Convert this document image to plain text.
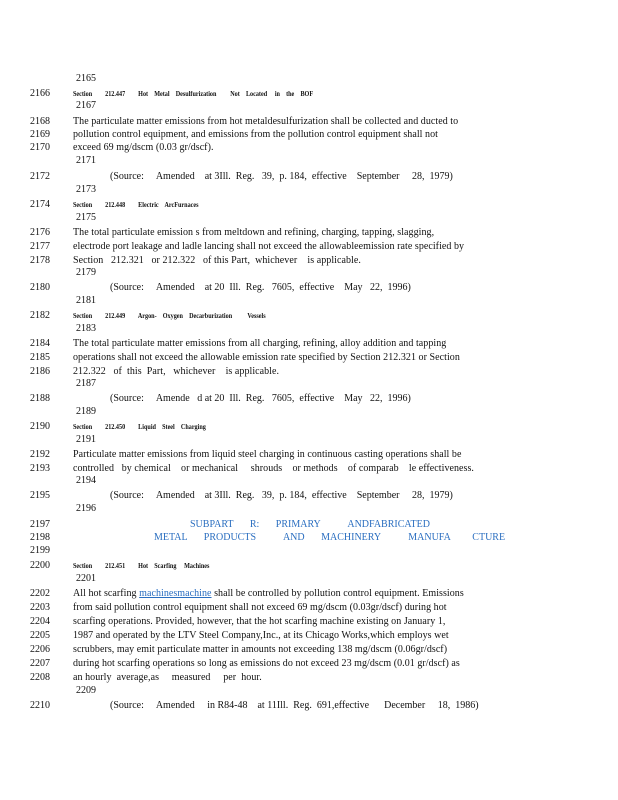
2165
2166
2167
2168
2169
2170
2171
2172
2173
2174
2175
2176
2177
2178
2179
2180
2181
2182
2183
2184
2185
2186
2187
2188
2189
2190
2191
2192
2193
2194
2195
2196
2197
2198
2199
2200
2201
2202
2203
2204
2205
2206
2207
2208
2209
2210
Section 212.447 Hot    Metal    Desulfurization         Not    Located     in    the    BOF
The particulate matter emissions from hot metaldesulfurization shall be collected and ducted to
pollution control equipment, and emissions from the pollution control equipment shall not
exceed 69 mg/dscm (0.03 gr/dscf).
(Source:     Amended    at 3Ill.  Reg.   39,  p. 184,  effective    September     28,  1979)
Section 212.448 Electric    ArcFurnaces
The total particulate emission s from meltdown and refining, charging, tapping, slagging,
electrode port leakage and ladle lancing shall not exceed the allowableemission rate specified by
Section   212.321   or 212.322   of this Part,  whichever    is applicable.
(Source:     Amended    at 20  Ill.  Reg.   7605,  effective    May   22,  1996)
Section 212.449 Argon-    Oxygen    Decarburization          Vessels
The total particulate matter emissions from all charging, refining, alloy addition and tapping
operations shall not exceed the allowable emission rate specified by Section 212.321 or Section
212.322   of  this  Part,   whichever    is applicable.
(Source:     Amende   d at 20  Ill.  Reg.   7605,  effective    May   22,  1996)
Section 212.450 Liquid    Steel    Charging
Particulate matter emissions from liquid steel charging in continuous casting operations shall be
controlled   by chemical    or mechanical     shrouds    or methods    of comparab    le effectiveness.
(Source:     Amended    at 3Ill.  Reg.   39,  p. 184,  effective    September     28,  1979)
SUBPART   R:   PRIMARY     ANDFABRICATED
METAL   PRODUCTS     AND   MACHINERY     MANUFA    CTURE
Section 212.451 Hot    Scarfing     Machines
All hot scarfing machinesmachine shall be controlled by pollution control equipment. Emissions
from said pollution control equipment shall not exceed 69 mg/dscm (0.03gr/dscf) during hot
scarfing operations. Provided, however, that the hot scarfing machine existing on January 1,
1987 and operated by the LTV Steel Company,Inc., at its Chicago Works,which employs wet
scrubbers, may emit particulate matter in amounts not exceeding 138 mg/dscm (0.06gr/dscf)
during hot scarfing operations so long as emissions do not exceed 23 mg/dscm (0.01 gr/dscf) as
an hourly  average,as     measured     per  hour.
(Source:     Amended     in R84-48    at 11Ill.  Reg.  691,effective      December     18,  1986)
